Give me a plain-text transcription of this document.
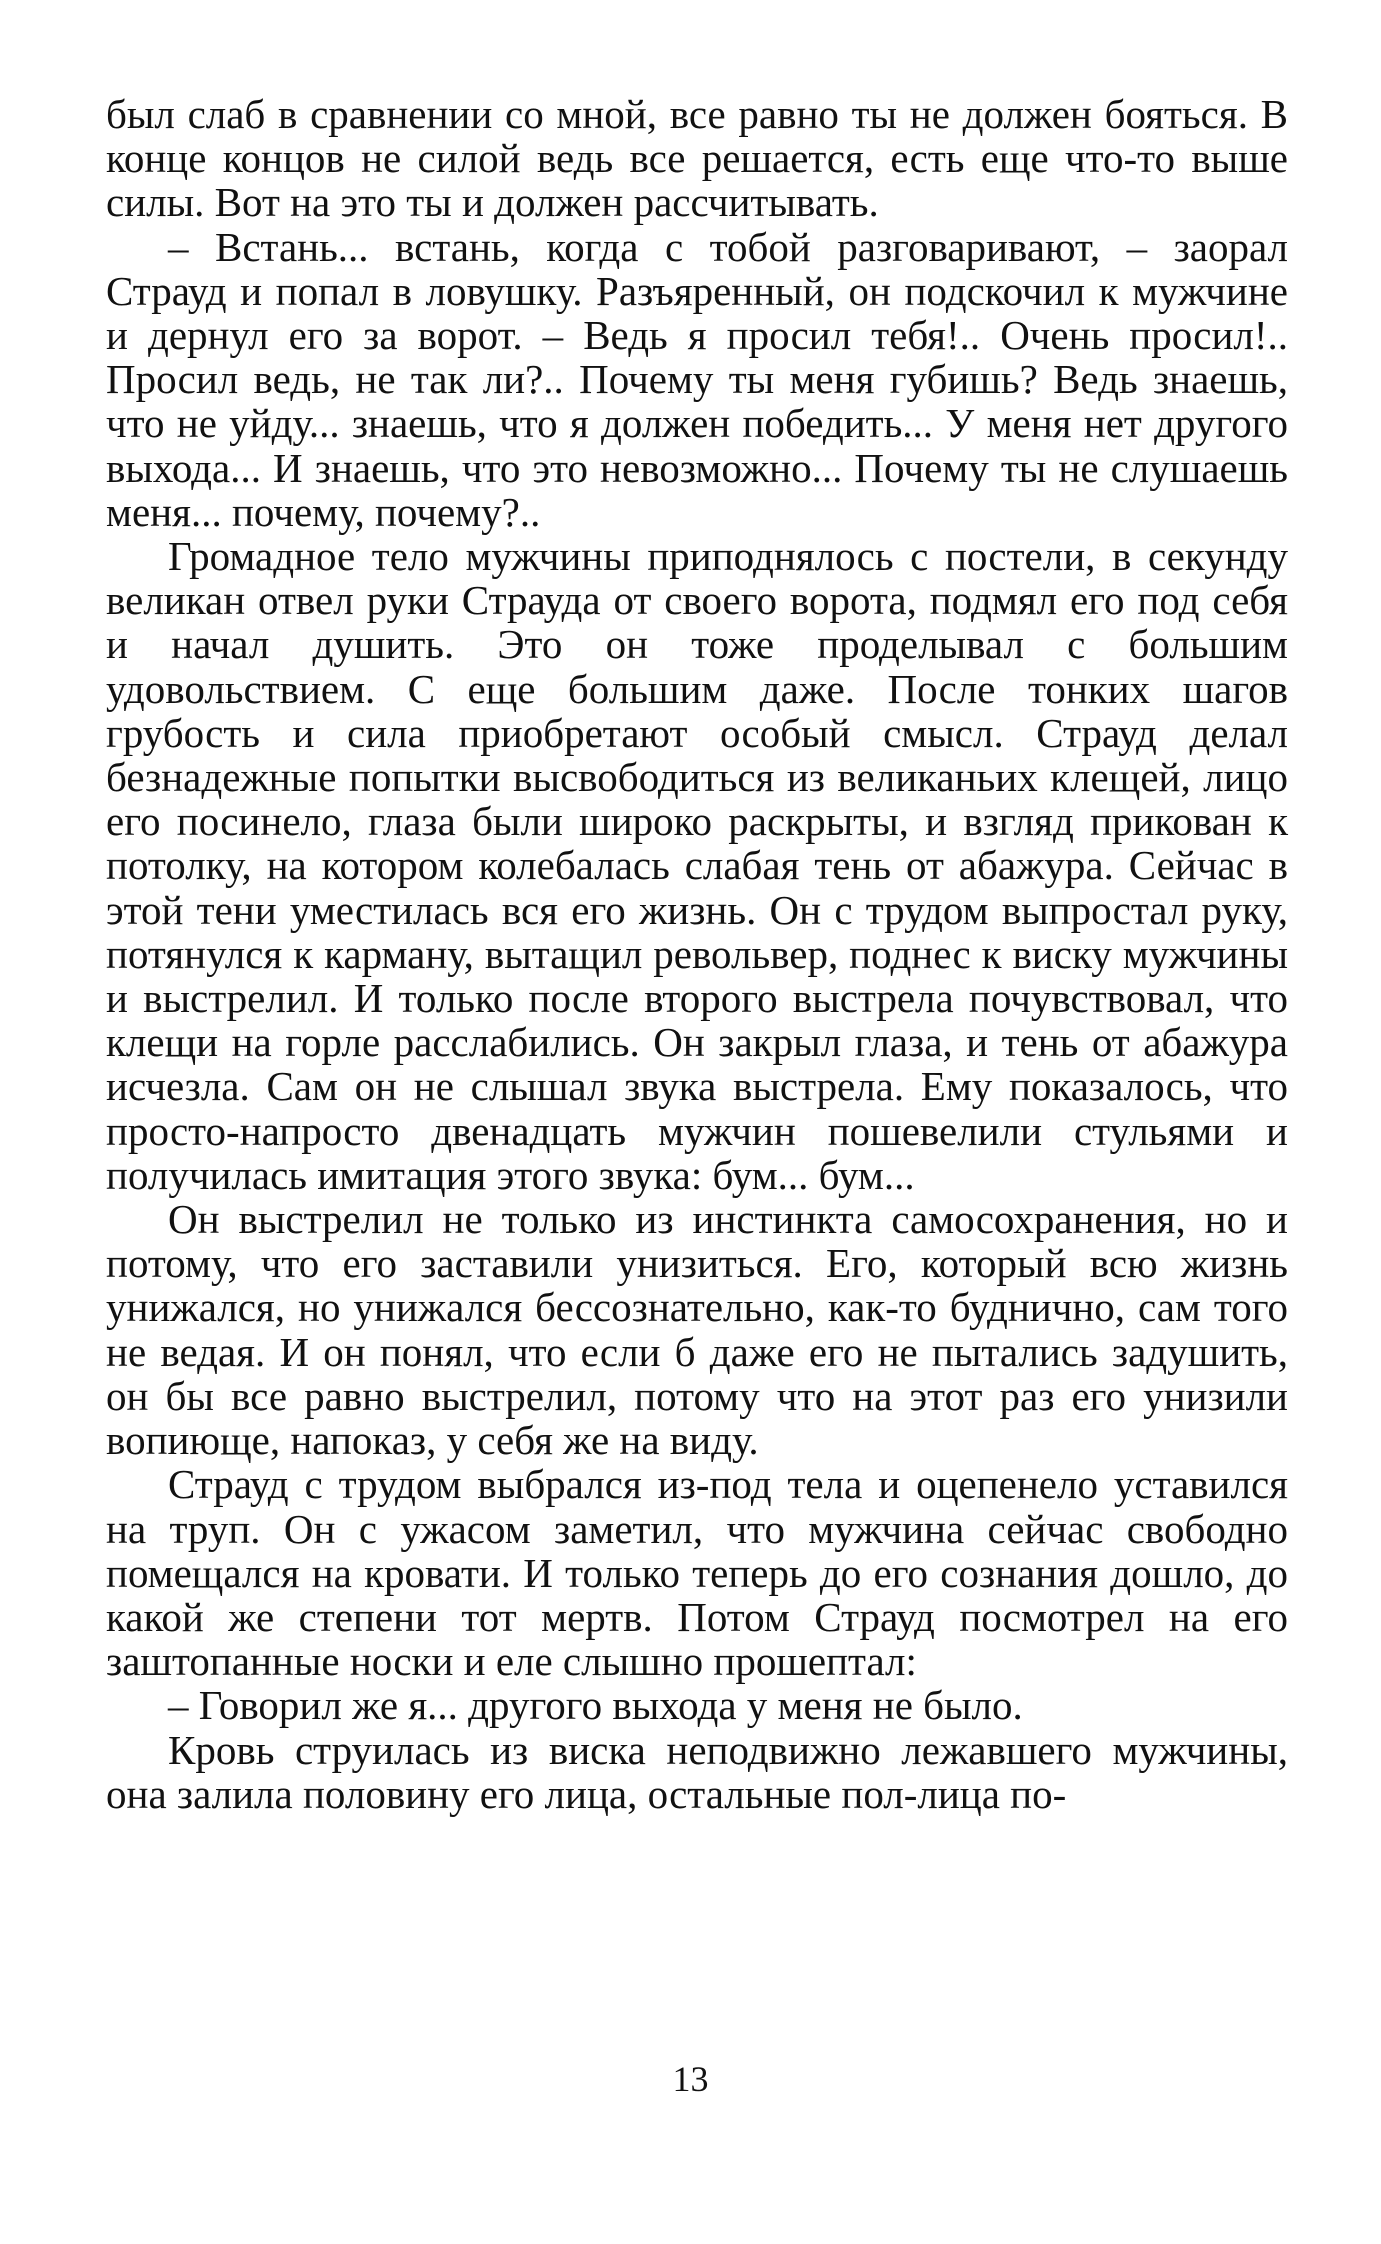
был слаб в сравнении со мной, все равно ты не должен бояться. В конце концов не силой ведь все решается, есть еще что-то выше силы. Вот на это ты и должен рассчитывать.

– Встань... встань, когда с тобой разговаривают, – заорал Страуд и попал в ловушку. Разъяренный, он подскочил к мужчине и дернул его за ворот. – Ведь я просил тебя!.. Очень просил!.. Просил ведь, не так ли?.. Почему ты меня губишь? Ведь знаешь, что не уйду... знаешь, что я должен победить... У меня нет другого выхода... И знаешь, что это невозможно... Почему ты не слушаешь меня... почему, почему?..

Громадное тело мужчины приподнялось с постели, в секунду великан отвел руки Страуда от своего ворота, подмял его под себя и начал душить. Это он тоже проделывал с большим удовольствием. С еще большим даже. После тонких шагов грубость и сила приобретают особый смысл. Страуд делал безнадежные попытки высвободиться из великаньих клещей, лицо его посинело, глаза были широко раскрыты, и взгляд прикован к потолку, на котором колебалась слабая тень от абажура. Сейчас в этой тени уместилась вся его жизнь. Он с трудом выпростал руку, потянулся к карману, вытащил револьвер, поднес к виску мужчины и выстрелил. И только после второго выстрела почувствовал, что клещи на горле расслабились. Он закрыл глаза, и тень от абажура исчезла. Сам он не слышал звука выстрела. Ему показалось, что просто-напросто двенадцать мужчин пошевелили стульями и получилась имитация этого звука: бум... бум...

Он выстрелил не только из инстинкта самосохранения, но и потому, что его заставили унизиться. Его, который всю жизнь унижался, но унижался бессознательно, как-то буднично, сам того не ведая. И он понял, что если б даже его не пытались задушить, он бы все равно выстрелил, потому что на этот раз его унизили вопиюще, напоказ, у себя же на виду.

Страуд с трудом выбрался из-под тела и оцепенело уставился на труп. Он с ужасом заметил, что мужчина сейчас свободно помещался на кровати. И только теперь до его сознания дошло, до какой же степени тот мертв. Потом Страуд посмотрел на его заштопанные носки и еле слышно прошептал:

– Говорил же я... другого выхода у меня не было.

Кровь струилась из виска неподвижно лежавшего мужчины, она залила половину его лица, остальные пол-лица по-

13
